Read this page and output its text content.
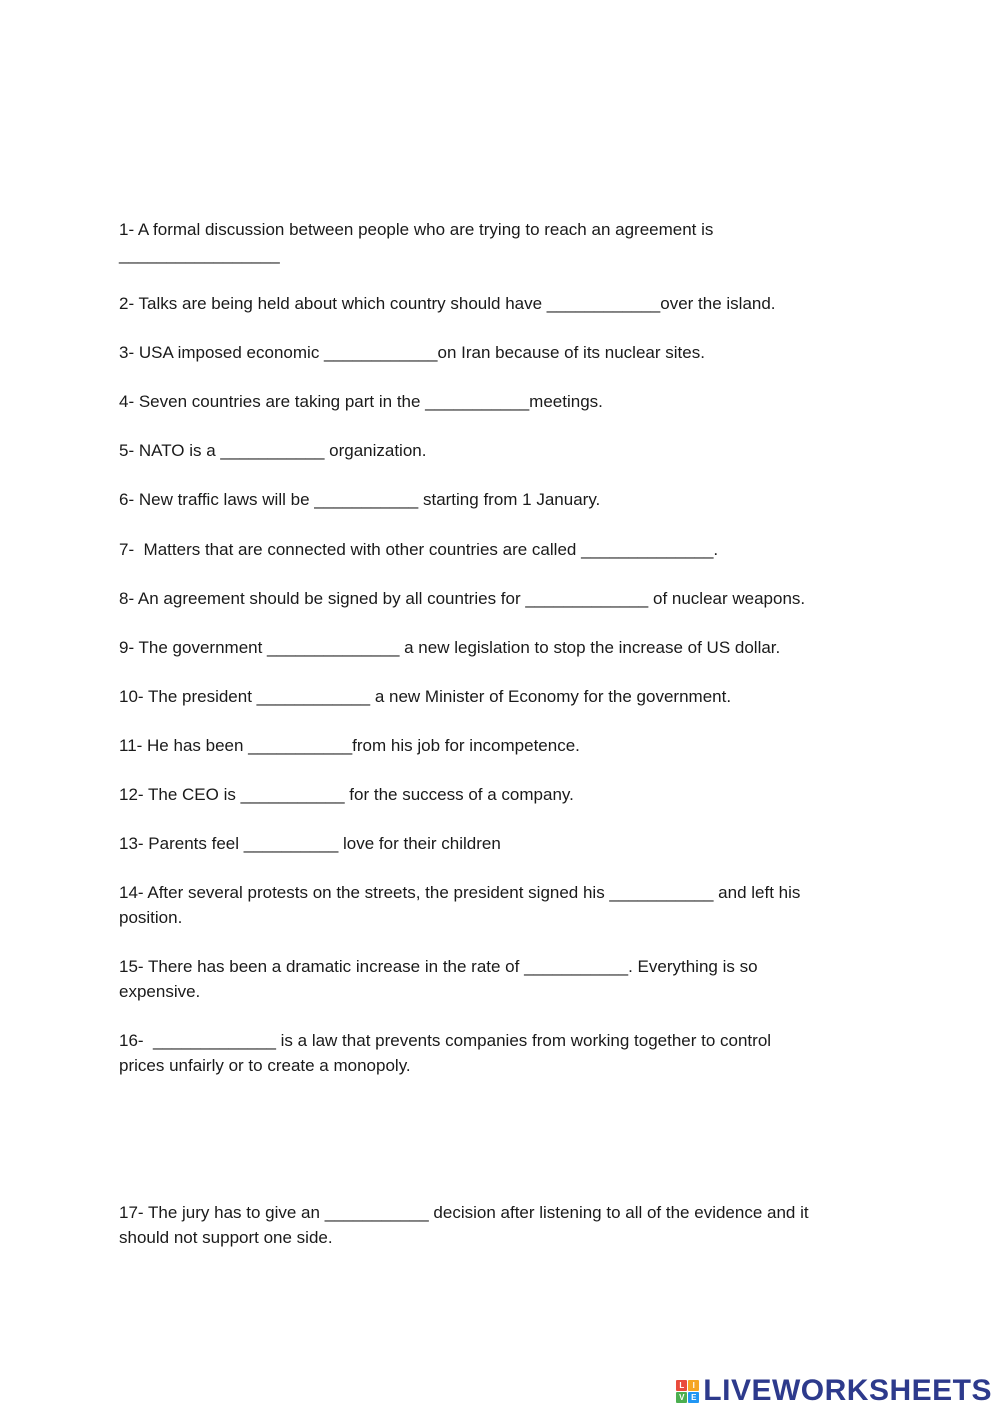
1- A formal discussion between people who are trying to reach an agreement is
_________________

2- Talks are being held about which country should have ____________over the island.

3- USA imposed economic ____________on Iran because of its nuclear sites.

4- Seven countries are taking part in the ___________meetings.

5- NATO is a ___________ organization.

6- New traffic laws will be ___________ starting from 1 January.

7-  Matters that are connected with other countries are called ______________.

8- An agreement should be signed by all countries for _____________ of nuclear weapons.

9- The government ______________ a new legislation to stop the increase of US dollar.

10- The president ____________ a new Minister of Economy for the government.

11- He has been ___________from his job for incompetence.

12- The CEO is ___________ for the success of a company.

13- Parents feel __________ love for their children

14- After several protests on the streets, the president signed his ___________ and left his
position.

15- There has been a dramatic increase in the rate of ___________. Everything is so
expensive.

16-  _____________ is a law that prevents companies from working together to control
prices unfairly or to create a monopoly.

17- The jury has to give an ___________ decision after listening to all of the evidence and it
should not support one side.

L	I
V E LIVEWORKSHEETS
